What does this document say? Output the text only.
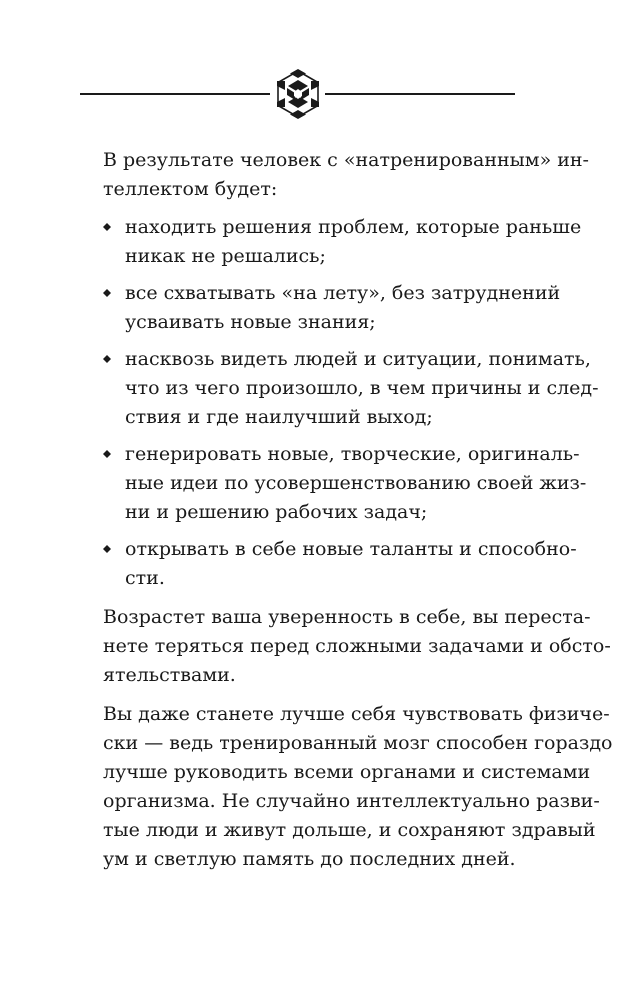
В результате человек с «натренированным» ин-
теллектом будет:

находить решения проблем, которые раньше
никак не решались;
все схватывать «на лету», без затруднений
усваивать новые знания;
насквозь видеть людей и ситуации, понимать,
что из чего произошло, в чем причины и след-
ствия и где наилучший выход;
генерировать новые, творческие, оригиналь-
ные идеи по усовершенствованию своей жиз-
ни и решению рабочих задач;
открывать в себе новые таланты и способно-
сти.

Возрастет ваша уверенность в себе, вы переста-
нете теряться перед сложными задачами и обсто-
ятельствами.

Вы даже станете лучше себя чувствовать физиче-
ски — ведь тренированный мозг способен гораздо
лучше руководить всеми органами и системами
организма. Не случайно интеллектуально разви-
тые люди и живут дольше, и сохраняют здравый
ум и светлую память до последних дней.
